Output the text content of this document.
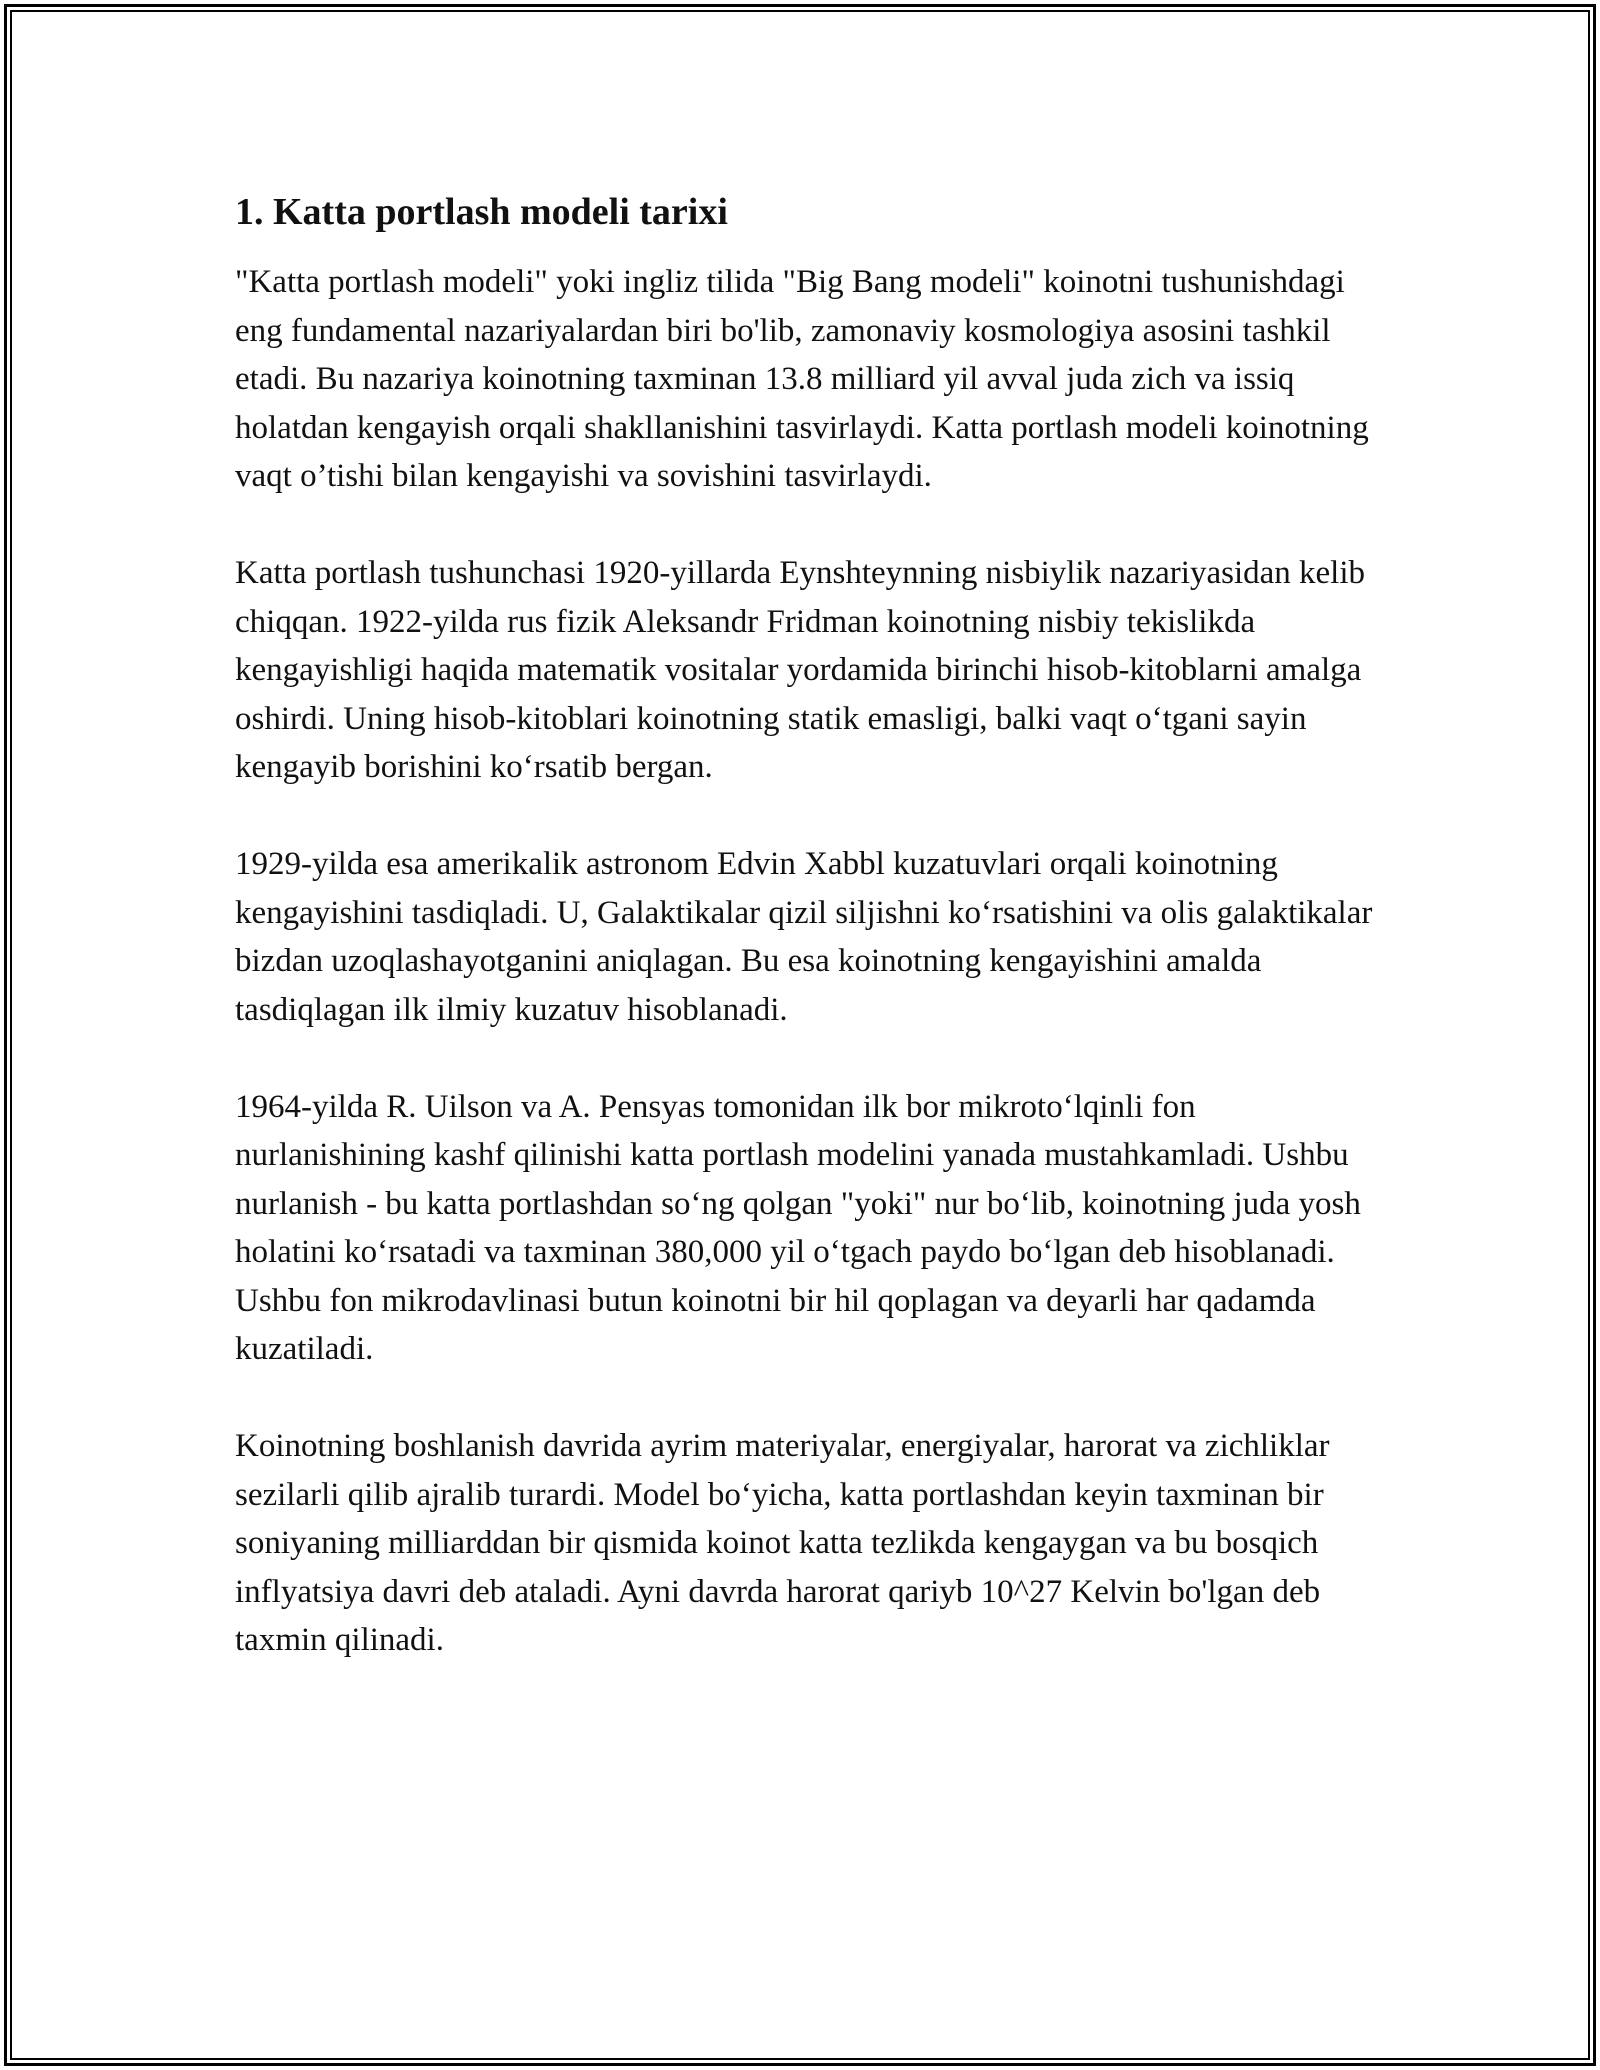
1. Katta portlash modeli tarixi

"Katta portlash modeli" yoki ingliz tilida "Big Bang modeli" koinotni tushunishdagi eng fundamental nazariyalardan biri bo'lib, zamonaviy kosmologiya asosini tashkil etadi. Bu nazariya koinotning taxminan 13.8 milliard yil avval juda zich va issiq holatdan kengayish orqali shakllanishini tasvirlaydi. Katta portlash modeli koinotning vaqt o’tishi bilan kengayishi va sovishini tasvirlaydi.

Katta portlash tushunchasi 1920-yillarda Eynshteynning nisbiylik nazariyasidan kelib chiqqan. 1922-yilda rus fizik Aleksandr Fridman koinotning nisbiy tekislikda kengayishligi haqida matematik vositalar yordamida birinchi hisob-kitoblarni amalga oshirdi. Uning hisob-kitoblari koinotning statik emasligi, balki vaqt o‘tgani sayin kengayib borishini ko‘rsatib bergan.

1929-yilda esa amerikalik astronom Edvin Xabbl kuzatuvlari orqali koinotning kengayishini tasdiqladi. U, Galaktikalar qizil siljishni ko‘rsatishini va olis galaktikalar bizdan uzoqlashayotganini aniqlagan. Bu esa koinotning kengayishini amalda tasdiqlagan ilk ilmiy kuzatuv hisoblanadi.

1964-yilda R. Uilson va A. Pensyas tomonidan ilk bor mikroto‘lqinli fon nurlanishining kashf qilinishi katta portlash modelini yanada mustahkamladi. Ushbu nurlanish - bu katta portlashdan so‘ng qolgan "yoki" nur bo‘lib, koinotning juda yosh holatini ko‘rsatadi va taxminan 380,000 yil o‘tgach paydo bo‘lgan deb hisoblanadi. Ushbu fon mikrodavlinasi butun koinotni bir hil qoplagan va deyarli har qadamda kuzatiladi.

Koinotning boshlanish davrida ayrim materiyalar, energiyalar, harorat va zichliklar sezilarli qilib ajralib turardi. Model bo‘yicha, katta portlashdan keyin taxminan bir soniyaning milliarddan bir qismida koinot katta tezlikda kengaygan va bu bosqich inflyatsiya davri deb ataladi. Ayni davrda harorat qariyb 10^27 Kelvin bo'lgan deb taxmin qilinadi.
